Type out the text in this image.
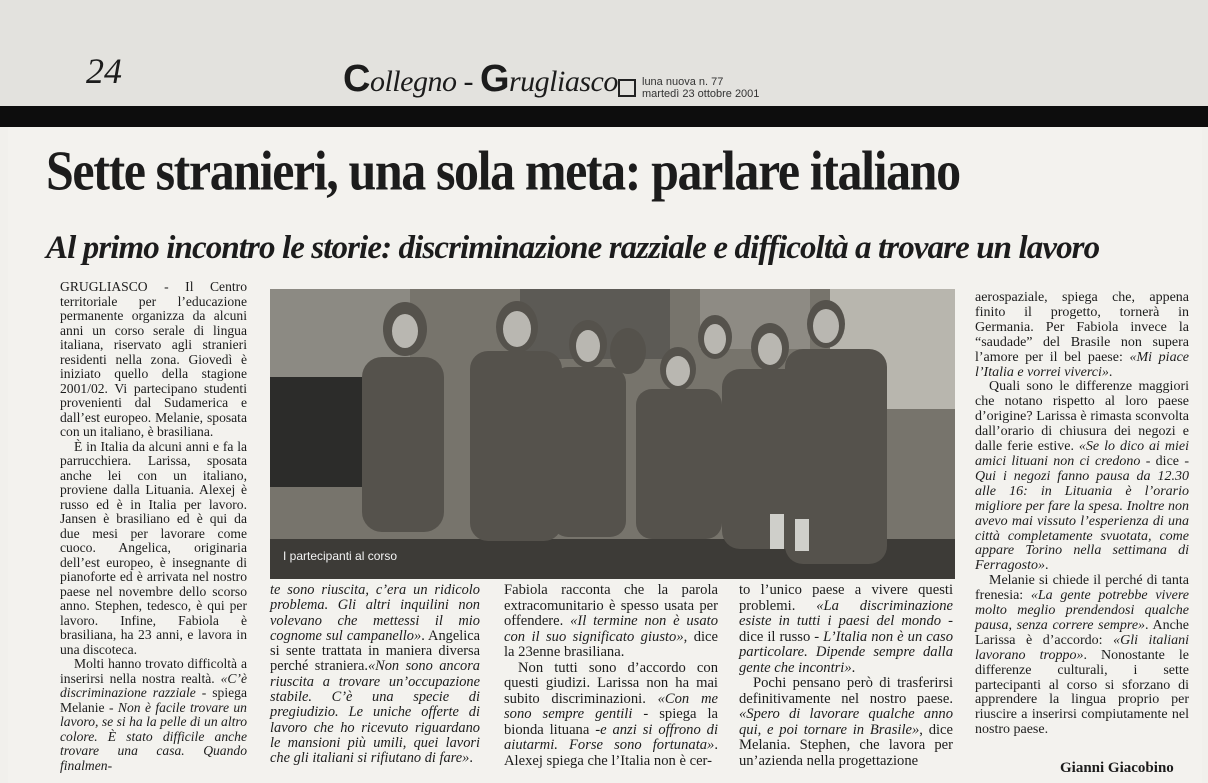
24	Collegno - Grugliasco luna nuova n. 77
martedì 23 ottobre 2001
Sette stranieri, una sola meta: parlare italiano
Al primo incontro le storie: discriminazione razziale e difficoltà a trovare un lavoro

GRUGLIASCO - Il Centro territoriale per l’educazione permanente organizza da alcuni anni un corso serale di lingua italiana, riservato agli stranieri residenti nella zona. Giovedì è iniziato quello della stagione 2001/02. Vi partecipano studenti provenienti dal Sudamerica e dall’est europeo. Melanie, sposata con un italiano, è brasiliana.

È in Italia da alcuni anni e fa la parrucchiera. Larissa, sposata anche lei con un italiano, proviene dalla Lituania. Alexej è russo ed è in Italia per lavoro. Jansen è brasiliano ed è qui da due mesi per lavorare come cuoco. Angelica, originaria dell’est europeo, è insegnante di pianoforte ed è arrivata nel nostro paese nel novembre dello scorso anno. Stephen, tedesco, è qui per lavoro. Infine, Fabiola è brasiliana, ha 23 anni, e lavora in una discoteca.

Molti hanno trovato difficoltà a inserirsi nella nostra realtà. «C’è discriminazione razziale - spiega Melanie - Non è facile trovare un lavoro, se si ha la pelle di un altro colore. È stato difficile anche trovare una casa. Quando finalmen-

I partecipanti al corso

te sono riuscita, c’era un ridicolo problema. Gli altri inquilini non volevano che mettessi il mio cognome sul campanello». Angelica si sente trattata in maniera diversa perché straniera.«Non sono ancora riuscita a trovare un’occupazione stabile. C’è una specie di pregiudizio. Le uniche offerte di lavoro che ho ricevuto riguardano le mansioni più umili, quei lavori che gli italiani si rifiutano di fare».

Fabiola racconta che la parola extracomunitario è spesso usata per offendere. «Il termine non è usato con il suo significato giusto», dice la 23enne brasiliana.

Non tutti sono d’accordo con questi giudizi. Larissa non ha mai subito discriminazioni. «Con me sono sempre gentili - spiega la bionda lituana -e anzi si offrono di aiutarmi. Forse sono fortunata». Alexej spiega che l’Italia non è cer-

to l’unico paese a vivere questi problemi. «La discriminazione esiste in tutti i paesi del mondo - dice il russo - L’Italia non è un caso particolare. Dipende sempre dalla gente che incontri».

Pochi pensano però di trasferirsi definitivamente nel nostro paese. «Spero di lavorare qualche anno qui, e poi tornare in Brasile», dice Melania. Stephen, che lavora per un’azienda nella progettazione

aerospaziale, spiega che, appena finito il progetto, tornerà in Germania. Per Fabiola invece la “saudade” del Brasile non supera l’amore per il bel paese: «Mi piace l’Italia e vorrei viverci».

Quali sono le differenze maggiori che notano rispetto al loro paese d’origine? Larissa è rimasta sconvolta dall’orario di chiusura dei negozi e dalle ferie estive. «Se lo dico ai miei amici lituani non ci credono - dice - Qui i negozi fanno pausa da 12.30 alle 16: in Lituania è l’orario migliore per fare la spesa. Inoltre non avevo mai vissuto l’esperienza di una città completamente svuotata, come appare Torino nella settimana di Ferragosto».

Melanie si chiede il perché di tanta frenesia: «La gente potrebbe vivere molto meglio prendendosi qualche pausa, senza correre sempre». Anche Larissa è d’accordo: «Gli italiani lavorano troppo». Nonostante le differenze culturali, i sette partecipanti al corso si sforzano di apprendere la lingua proprio per riuscire a inserirsi compiutamente nel nostro paese.

Gianni Giacobino
